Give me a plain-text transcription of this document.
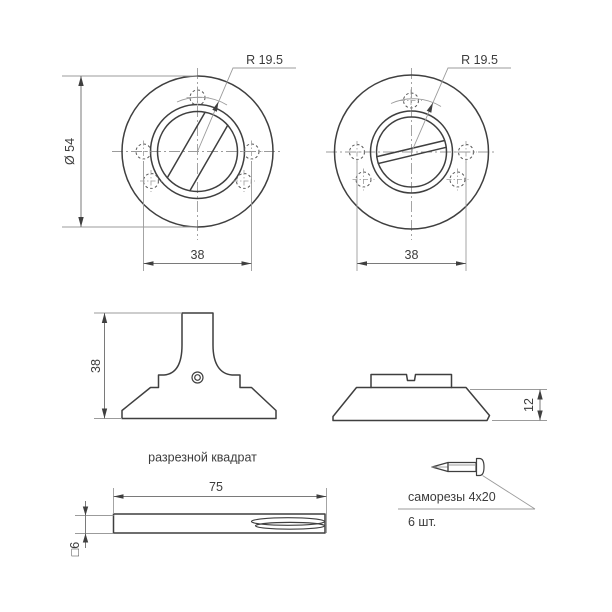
R 19.5
Ø 54
38
R 19.5
38
38
разрезной квадрат
12
75
□6
саморезы 4x20
6 шт.
